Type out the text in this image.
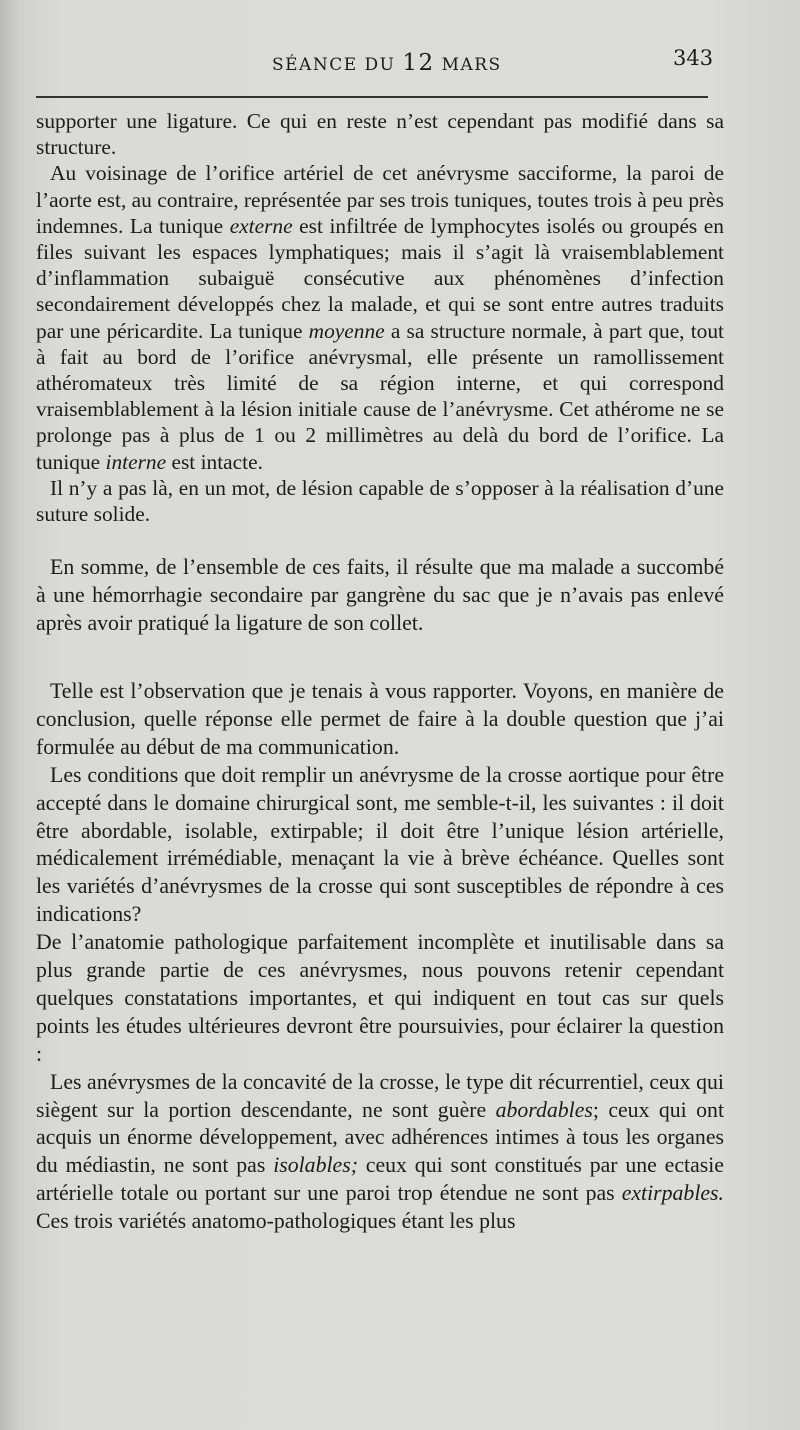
SÉANCE DU 12 MARS	343

supporter une ligature. Ce qui en reste n’est cependant pas modifié dans sa structure.

Au voisinage de l’orifice artériel de cet anévrysme sacciforme, la paroi de l’aorte est, au contraire, représentée par ses trois tuniques, toutes trois à peu près indemnes. La tunique externe est infiltrée de lymphocytes isolés ou groupés en files suivant les espaces lymphatiques; mais il s’agit là vraisemblablement d’inflammation subaiguë consécutive aux phénomènes d’infection secondairement développés chez la malade, et qui se sont entre autres traduits par une péricardite. La tunique moyenne a sa structure normale, à part que, tout à fait au bord de l’orifice anévrysmal, elle présente un ramollissement athéromateux très limité de sa région interne, et qui correspond vraisemblablement à la lésion initiale cause de l’anévrysme. Cet athérome ne se prolonge pas à plus de 1 ou 2 millimètres au delà du bord de l’orifice. La tunique interne est intacte.

Il n’y a pas là, en un mot, de lésion capable de s’opposer à la réalisation d’une suture solide.

En somme, de l’ensemble de ces faits, il résulte que ma malade a succombé à une hémorrhagie secondaire par gangrène du sac que je n’avais pas enlevé après avoir pratiqué la ligature de son collet.

Telle est l’observation que je tenais à vous rapporter. Voyons, en manière de conclusion, quelle réponse elle permet de faire à la double question que j’ai formulée au début de ma communication.

Les conditions que doit remplir un anévrysme de la crosse aortique pour être accepté dans le domaine chirurgical sont, me semble-t-il, les suivantes : il doit être abordable, isolable, extirpable; il doit être l’unique lésion artérielle, médicalement irrémédiable, menaçant la vie à brève échéance. Quelles sont les variétés d’anévrysmes de la crosse qui sont susceptibles de répondre à ces indications?

De l’anatomie pathologique parfaitement incomplète et inutilisable dans sa plus grande partie de ces anévrysmes, nous pouvons retenir cependant quelques constatations importantes, et qui indiquent en tout cas sur quels points les études ultérieures devront être poursuivies, pour éclairer la question :

Les anévrysmes de la concavité de la crosse, le type dit récurrentiel, ceux qui siègent sur la portion descendante, ne sont guère abordables; ceux qui ont acquis un énorme développement, avec adhérences intimes à tous les organes du médiastin, ne sont pas isolables; ceux qui sont constitués par une ectasie artérielle totale ou portant sur une paroi trop étendue ne sont pas extirpables. Ces trois variétés anatomo-pathologiques étant les plus
